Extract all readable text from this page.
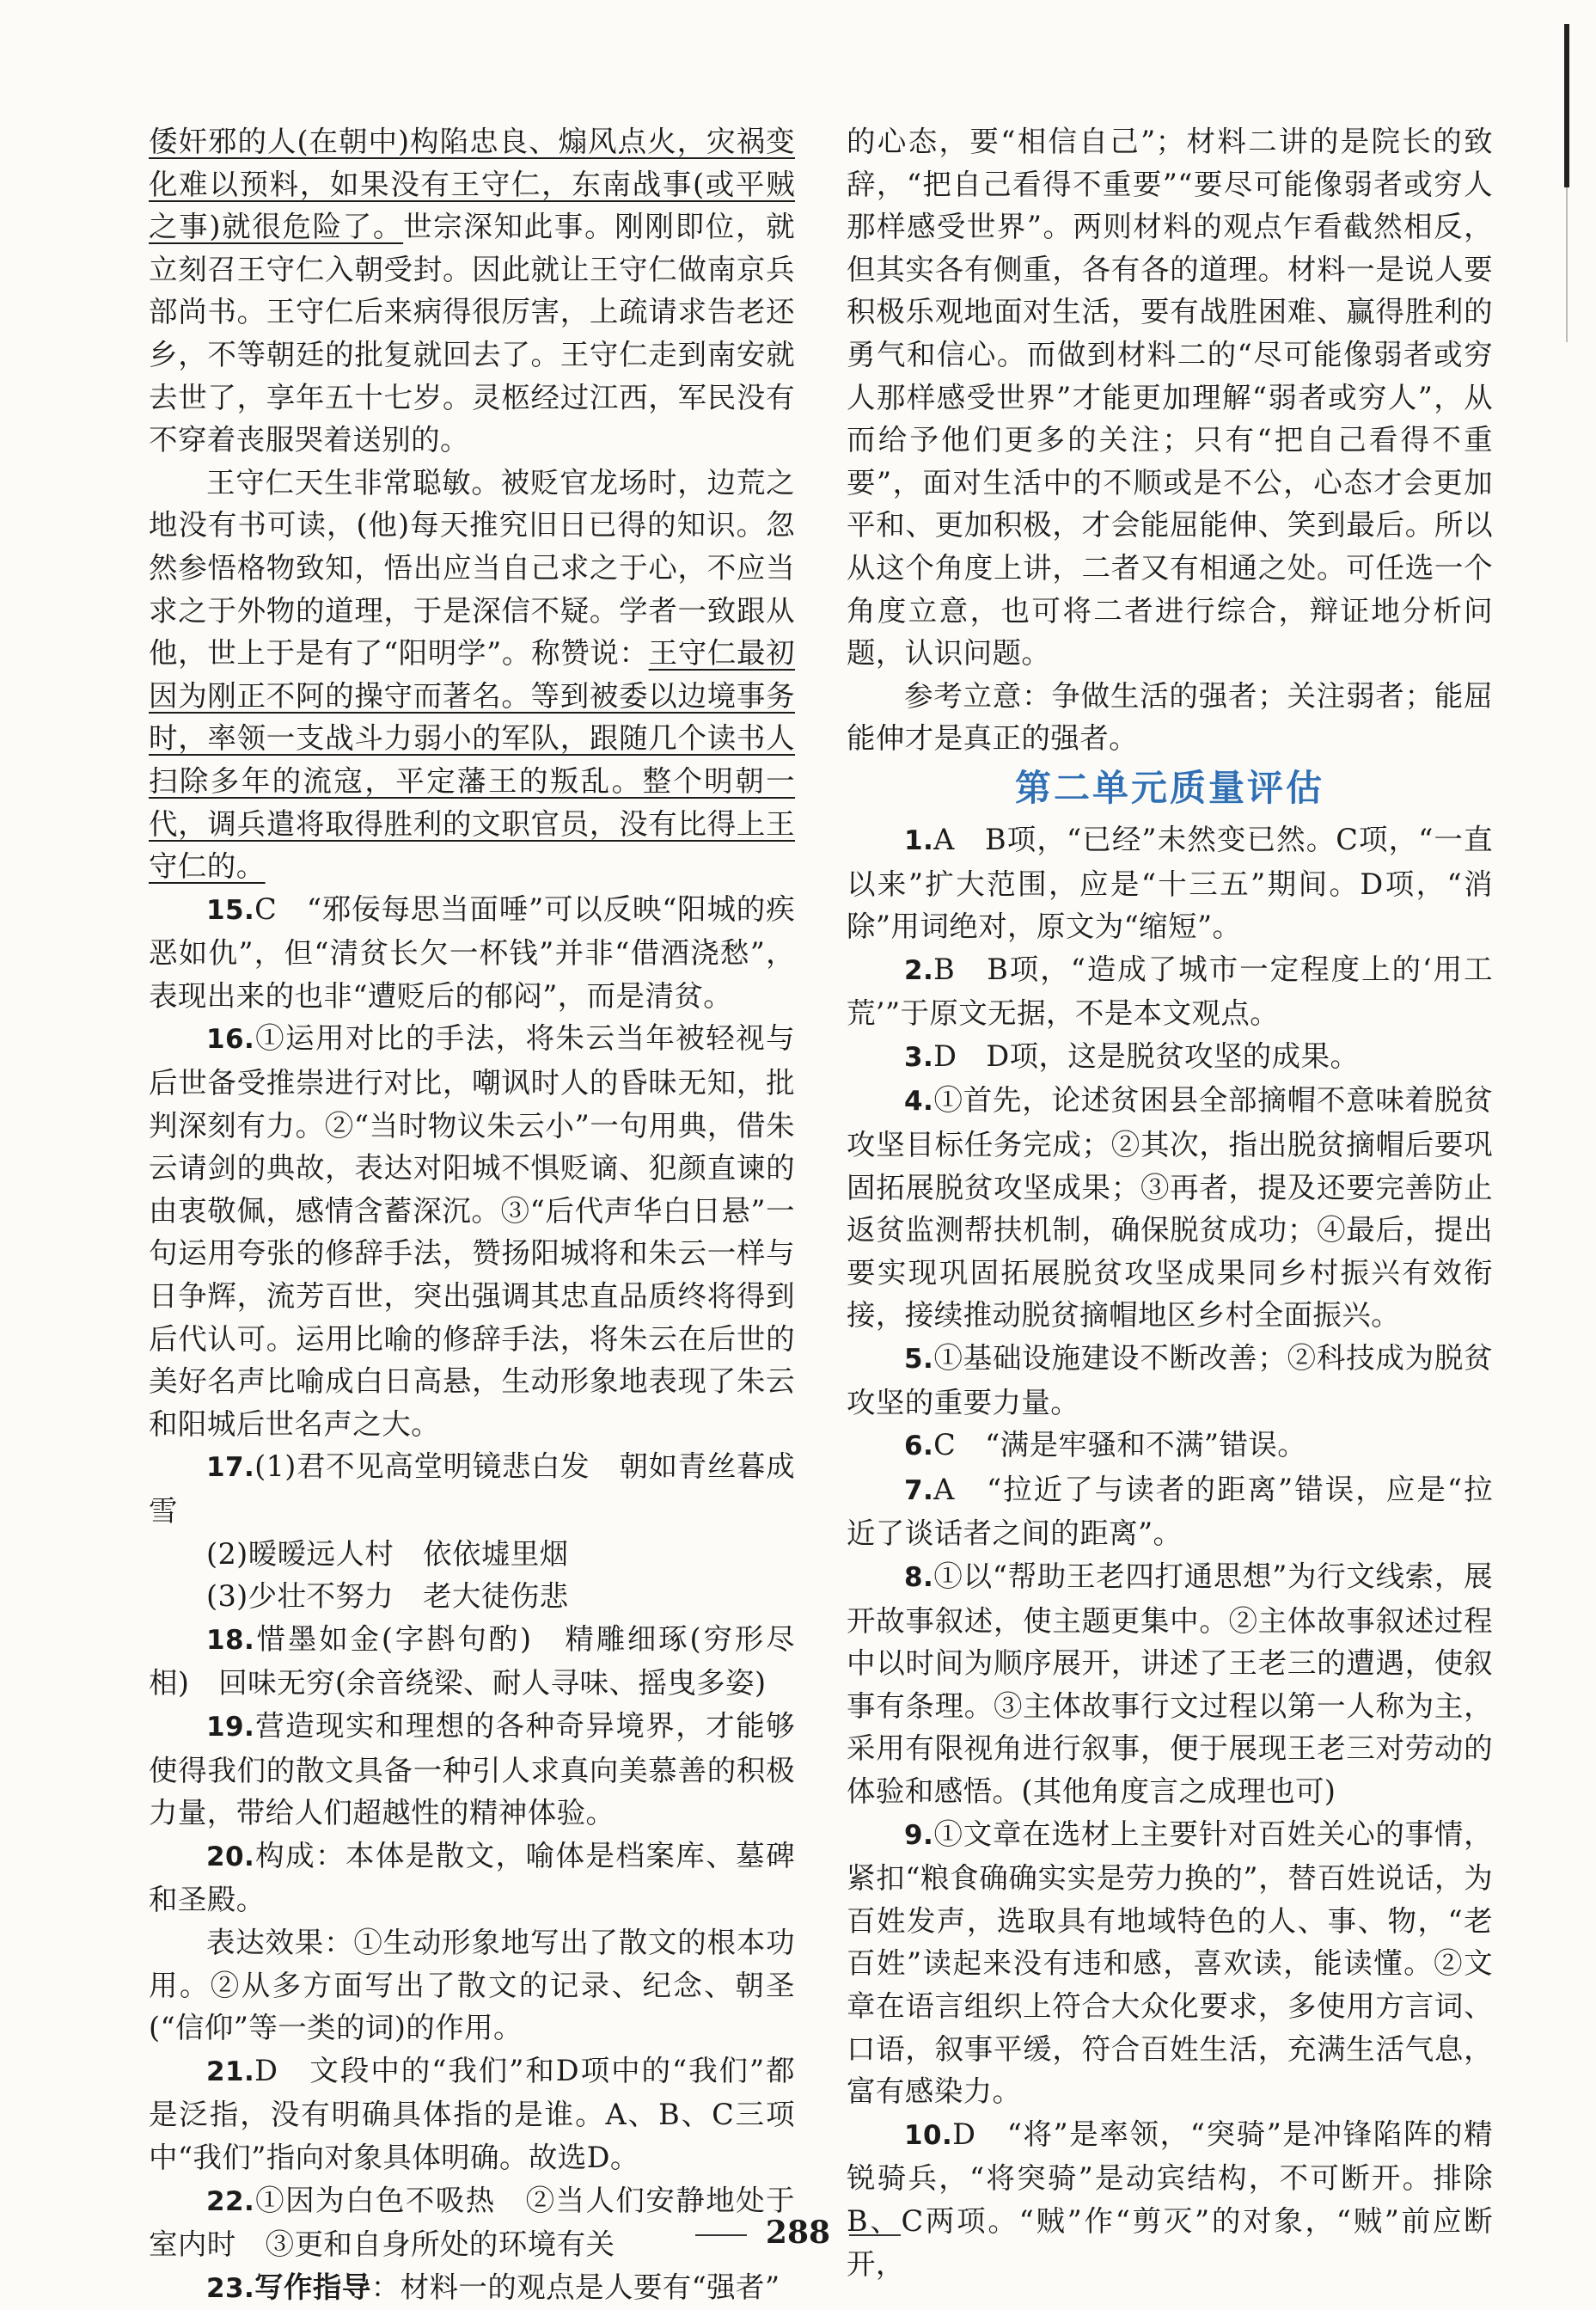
倭奸邪的人(在朝中)构陷忠良、煽风点火，灾祸变化难以预料，如果没有王守仁，东南战事(或平贼之事)就很危险了。世宗深知此事。刚刚即位，就立刻召王守仁入朝受封。因此就让王守仁做南京兵部尚书。王守仁后来病得很厉害，上疏请求告老还乡，不等朝廷的批复就回去了。王守仁走到南安就去世了，享年五十七岁。灵柩经过江西，军民没有不穿着丧服哭着送别的。

王守仁天生非常聪敏。被贬官龙场时，边荒之地没有书可读，(他)每天推究旧日已得的知识。忽然参悟格物致知，悟出应当自己求之于心，不应当求之于外物的道理，于是深信不疑。学者一致跟从他，世上于是有了“阳明学”。称赞说：王守仁最初因为刚正不阿的操守而著名。等到被委以边境事务时，率领一支战斗力弱小的军队，跟随几个读书人扫除多年的流寇，平定藩王的叛乱。整个明朝一代，调兵遣将取得胜利的文职官员，没有比得上王守仁的。

15.C　“邪佞每思当面唾”可以反映“阳城的疾恶如仇”，但“清贫长欠一杯钱”并非“借酒浇愁”，表现出来的也非“遭贬后的郁闷”，而是清贫。

16.①运用对比的手法，将朱云当年被轻视与后世备受推崇进行对比，嘲讽时人的昏昧无知，批判深刻有力。②“当时物议朱云小”一句用典，借朱云请剑的典故，表达对阳城不惧贬谪、犯颜直谏的由衷敬佩，感情含蓄深沉。③“后代声华白日悬”一句运用夸张的修辞手法，赞扬阳城将和朱云一样与日争辉，流芳百世，突出强调其忠直品质终将得到后代认可。运用比喻的修辞手法，将朱云在后世的美好名声比喻成白日高悬，生动形象地表现了朱云和阳城后世名声之大。

17.(1)君不见高堂明镜悲白发　朝如青丝暮成雪

(2)暧暧远人村　依依墟里烟

(3)少壮不努力　老大徒伤悲

18.惜墨如金(字斟句酌)　精雕细琢(穷形尽相)　回味无穷(余音绕梁、耐人寻味、摇曳多姿)

19.营造现实和理想的各种奇异境界，才能够使得我们的散文具备一种引人求真向美慕善的积极力量，带给人们超越性的精神体验。

20.构成：本体是散文，喻体是档案库、墓碑和圣殿。

表达效果：①生动形象地写出了散文的根本功用。②从多方面写出了散文的记录、纪念、朝圣(“信仰”等一类的词)的作用。

21.D　文段中的“我们”和D项中的“我们”都是泛指，没有明确具体指的是谁。A、B、C三项中“我们”指向对象具体明确。故选D。

22.①因为白色不吸热　②当人们安静地处于室内时　③更和自身所处的环境有关

23.写作指导：材料一的观点是人要有“强者”

的心态，要“相信自己”；材料二讲的是院长的致辞，“把自己看得不重要”“要尽可能像弱者或穷人那样感受世界”。两则材料的观点乍看截然相反，但其实各有侧重，各有各的道理。材料一是说人要积极乐观地面对生活，要有战胜困难、赢得胜利的勇气和信心。而做到材料二的“尽可能像弱者或穷人那样感受世界”才能更加理解“弱者或穷人”，从而给予他们更多的关注；只有“把自己看得不重要”，面对生活中的不顺或是不公，心态才会更加平和、更加积极，才会能屈能伸、笑到最后。所以从这个角度上讲，二者又有相通之处。可任选一个角度立意，也可将二者进行综合，辩证地分析问题，认识问题。

参考立意：争做生活的强者；关注弱者；能屈能伸才是真正的强者。

第二单元质量评估

1.A　B项，“已经”未然变已然。C项，“一直以来”扩大范围，应是“十三五”期间。D项，“消除”用词绝对，原文为“缩短”。

2.B　B项，“造成了城市一定程度上的‘用工荒’”于原文无据，不是本文观点。

3.D　D项，这是脱贫攻坚的成果。

4.①首先，论述贫困县全部摘帽不意味着脱贫攻坚目标任务完成；②其次，指出脱贫摘帽后要巩固拓展脱贫攻坚成果；③再者，提及还要完善防止返贫监测帮扶机制，确保脱贫成功；④最后，提出要实现巩固拓展脱贫攻坚成果同乡村振兴有效衔接，接续推动脱贫摘帽地区乡村全面振兴。

5.①基础设施建设不断改善；②科技成为脱贫攻坚的重要力量。

6.C　“满是牢骚和不满”错误。

7.A　“拉近了与读者的距离”错误，应是“拉近了谈话者之间的距离”。

8.①以“帮助王老四打通思想”为行文线索，展开故事叙述，使主题更集中。②主体故事叙述过程中以时间为顺序展开，讲述了王老三的遭遇，使叙事有条理。③主体故事行文过程以第一人称为主，采用有限视角进行叙事，便于展现王老三对劳动的体验和感悟。(其他角度言之成理也可)

9.①文章在选材上主要针对百姓关心的事情，紧扣“粮食确确实实是劳力换的”，替百姓说话，为百姓发声，选取具有地域特色的人、事、物，“老百姓”读起来没有违和感，喜欢读，能读懂。②文章在语言组织上符合大众化要求，多使用方言词、口语，叙事平缓，符合百姓生活，充满生活气息，富有感染力。

10.D　“将”是率领，“突骑”是冲锋陷阵的精锐骑兵，“将突骑”是动宾结构，不可断开。排除B、C两项。“贼”作“剪灭”的对象，“贼”前应断开，

288
